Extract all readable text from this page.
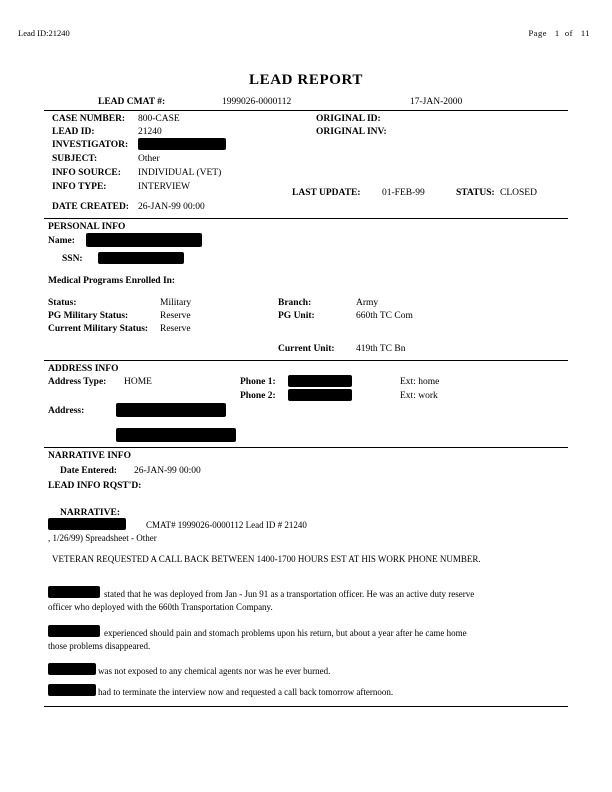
Lead ID:21240	Page 1 of 11
LEAD REPORT
LEAD CMAT #:	1999026-0000112	17-JAN-2000
CASE NUMBER: 800-CASE	ORIGINAL ID:
LEAD ID:	21240	ORIGINAL INV:
INVESTIGATOR:
SUBJECT:	Other
INFO SOURCE: INDIVIDUAL (VET)
INFO TYPE:	INTERVIEW
LAST UPDATE: 01-FEB-99	STATUS: CLOSED
DATE CREATED: 26-JAN-99 00:00
PERSONAL INFO
Name:
SSN:
Medical Programs Enrolled In:
Status:	Military	Branch:	Army
PG Military Status:	Reserve	PG Unit:	660th TC Com
Current Military Status: Reserve
Current Unit: 419th TC Bn
ADDRESS INFO
Address Type: HOME	Phone 1:	Ext: home
Phone 2:	Ext: work
Address:
NARRATIVE INFO
Date Entered: 26-JAN-99 00:00
LEAD INFO RQST'D:
NARRATIVE:
CMAT# 1999026-0000112 Lead ID # 21240
, 1/26/99) Spreadsheet - Other
VETERAN REQUESTED A CALL BACK BETWEEN 1400-1700 HOURS EST AT HIS WORK PHONE NUMBER.
stated that he was deployed from Jan - Jun 91 as a transportation officer. He was an active duty reserve
officer who deployed with the 660th Transportation Company.
experienced should pain and stomach problems upon his return, but about a year after he came home
those problems disappeared.
was not exposed to any chemical agents nor was he ever burned.
had to terminate the interview now and requested a call back tomorrow afternoon.
